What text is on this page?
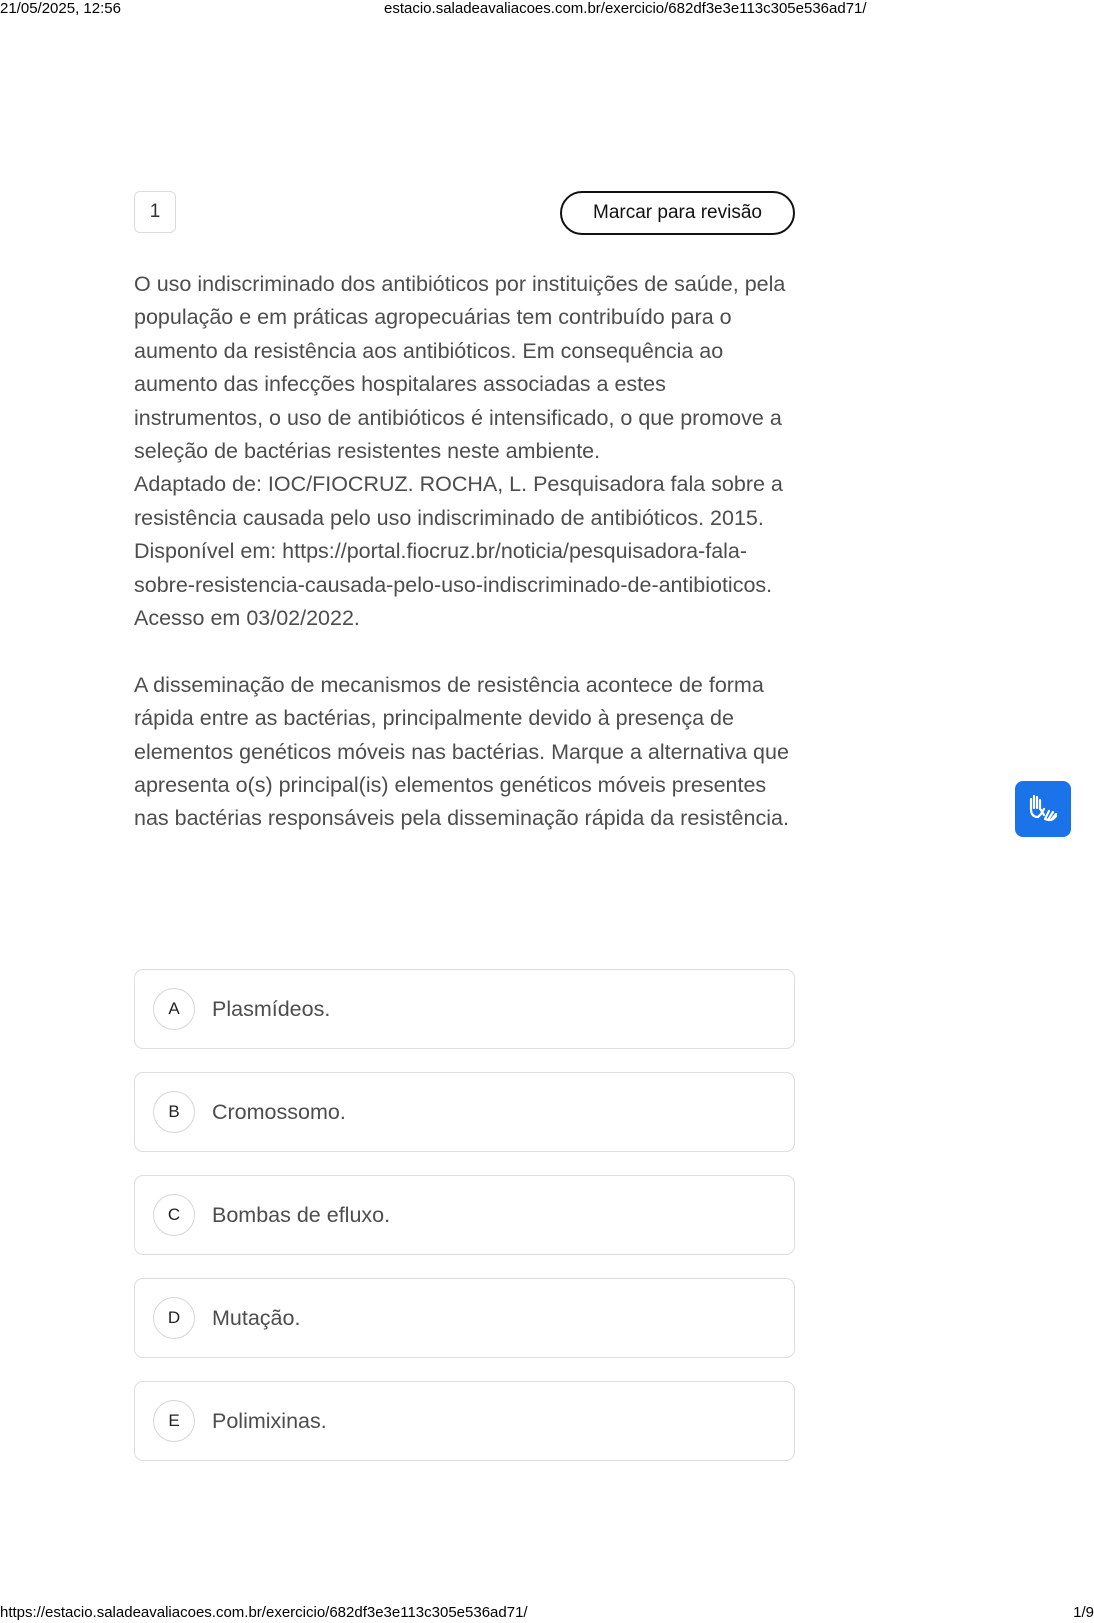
21/05/2025, 12:56	estacio.saladeavaliacoes.com.br/exercicio/682df3e3e113c305e536ad71/
1	Marcar para revisão

O uso indiscriminado dos antibióticos por instituições de saúde, pela população e em práticas agropecuárias tem contribuído para o aumento da resistência aos antibióticos. Em consequência ao aumento das infecções hospitalares associadas a estes instrumentos, o uso de antibióticos é intensificado, o que promove a seleção de bactérias resistentes neste ambiente.

Adaptado de: IOC/FIOCRUZ. ROCHA, L. Pesquisadora fala sobre a resistência causada pelo uso indiscriminado de antibióticos. 2015. Disponível em: https://portal.fiocruz.br/noticia/pesquisadora-fala-sobre-resistencia-causada-pelo-uso-indiscriminado-de-antibioticos. Acesso em 03/02/2022.

A disseminação de mecanismos de resistência acontece de forma rápida entre as bactérias, principalmente devido à presença de elementos genéticos móveis nas bactérias. Marque a alternativa que apresenta o(s) principal(is) elementos genéticos móveis presentes nas bactérias responsáveis pela disseminação rápida da resistência.

A	Plasmídeos.
B	Cromossomo.
C	Bombas de efluxo.
D	Mutação.
E	Polimixinas.
https://estacio.saladeavaliacoes.com.br/exercicio/682df3e3e113c305e536ad71/	1/9
